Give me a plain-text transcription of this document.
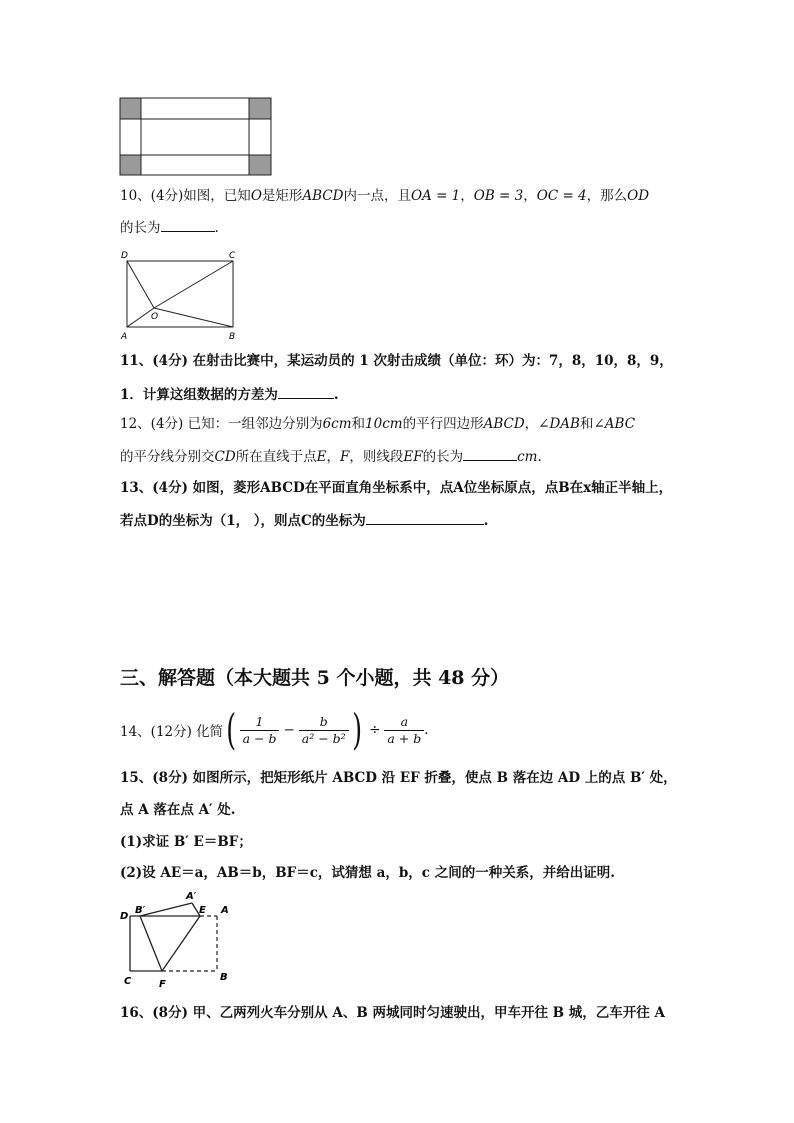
10、(4分)如图，已知O是矩形ABCD内一点，且OA = 1，OB = 3，OC = 4，那么OD
的长为	.
D	C
A	B
O
11、(4分) 在射击比赛中，某运动员的 1 次射击成绩（单位：环）为：7，8，10，8，9，
1．计算这组数据的方差为	.
12、(4分) 已知：一组邻边分别为6cm和10cm的平行四边形ABCD，∠DAB和∠ABC
的平分线分别交CD所在直线于点E，F，则线段EF的长为	cm.
13、(4分) 如图，菱形ABCD在平面直角坐标系中，点A位坐标原点，点B在x轴正半轴上，
若点D的坐标为（1， ），则点C的坐标为	.
三、解答题（本大题共 5 个小题，共 48 分）
14、(12分) 化简 ( $\frac{1}{a - b} - \frac{b}{\text{a² − b²}}$ ) ÷ $\frac{a}{a + b}$ .
15、(8分) 如图所示，把矩形纸片 ABCD 沿 EF 折叠，使点 B 落在边 AD 上的点 B′ 处，
点 A 落在点 A′ 处.
(1)求证 B′ E＝BF；
(2)设 AE＝a，AB＝b，BF＝c，试猜想 a，b，c 之间的一种关系，并给出证明.
D
B′
A′
E A
C	F
B
16、(8分) 甲、乙两列火车分别从 A、B 两城同时匀速驶出，甲车开往 B 城，乙车开往 A
